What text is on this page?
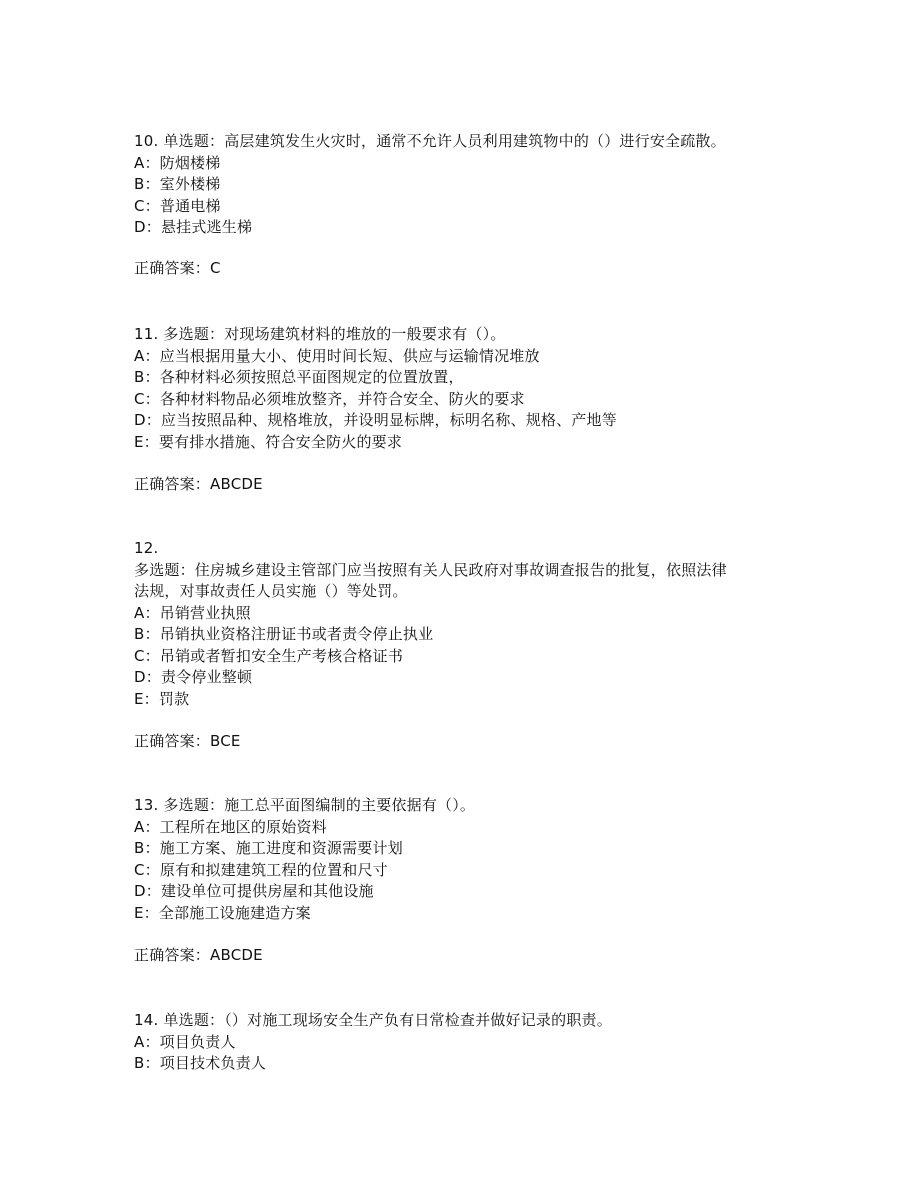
10. 单选题：高层建筑发生火灾时，通常不允许人员利用建筑物中的（）进行安全疏散。
A：防烟楼梯
B：室外楼梯
C：普通电梯
D：悬挂式逃生梯
正确答案：C
11. 多选题：对现场建筑材料的堆放的一般要求有（）。
A：应当根据用量大小、使用时间长短、供应与运输情况堆放
B：各种材料必须按照总平面图规定的位置放置，
C：各种材料物品必须堆放整齐，并符合安全、防火的要求
D：应当按照品种、规格堆放，并设明显标牌，标明名称、规格、产地等
E：要有排水措施、符合安全防火的要求
正确答案：ABCDE
12.
多选题：住房城乡建设主管部门应当按照有关人民政府对事故调查报告的批复，依照法律
法规，对事故责任人员实施（）等处罚。
A：吊销营业执照
B：吊销执业资格注册证书或者责令停止执业
C：吊销或者暂扣安全生产考核合格证书
D：责令停业整顿
E：罚款
正确答案：BCE
13. 多选题：施工总平面图编制的主要依据有（）。
A：工程所在地区的原始资料
B：施工方案、施工进度和资源需要计划
C：原有和拟建建筑工程的位置和尺寸
D：建设单位可提供房屋和其他设施
E：全部施工设施建造方案
正确答案：ABCDE
14. 单选题：（）对施工现场安全生产负有日常检查并做好记录的职责。
A：项目负责人
B：项目技术负责人
